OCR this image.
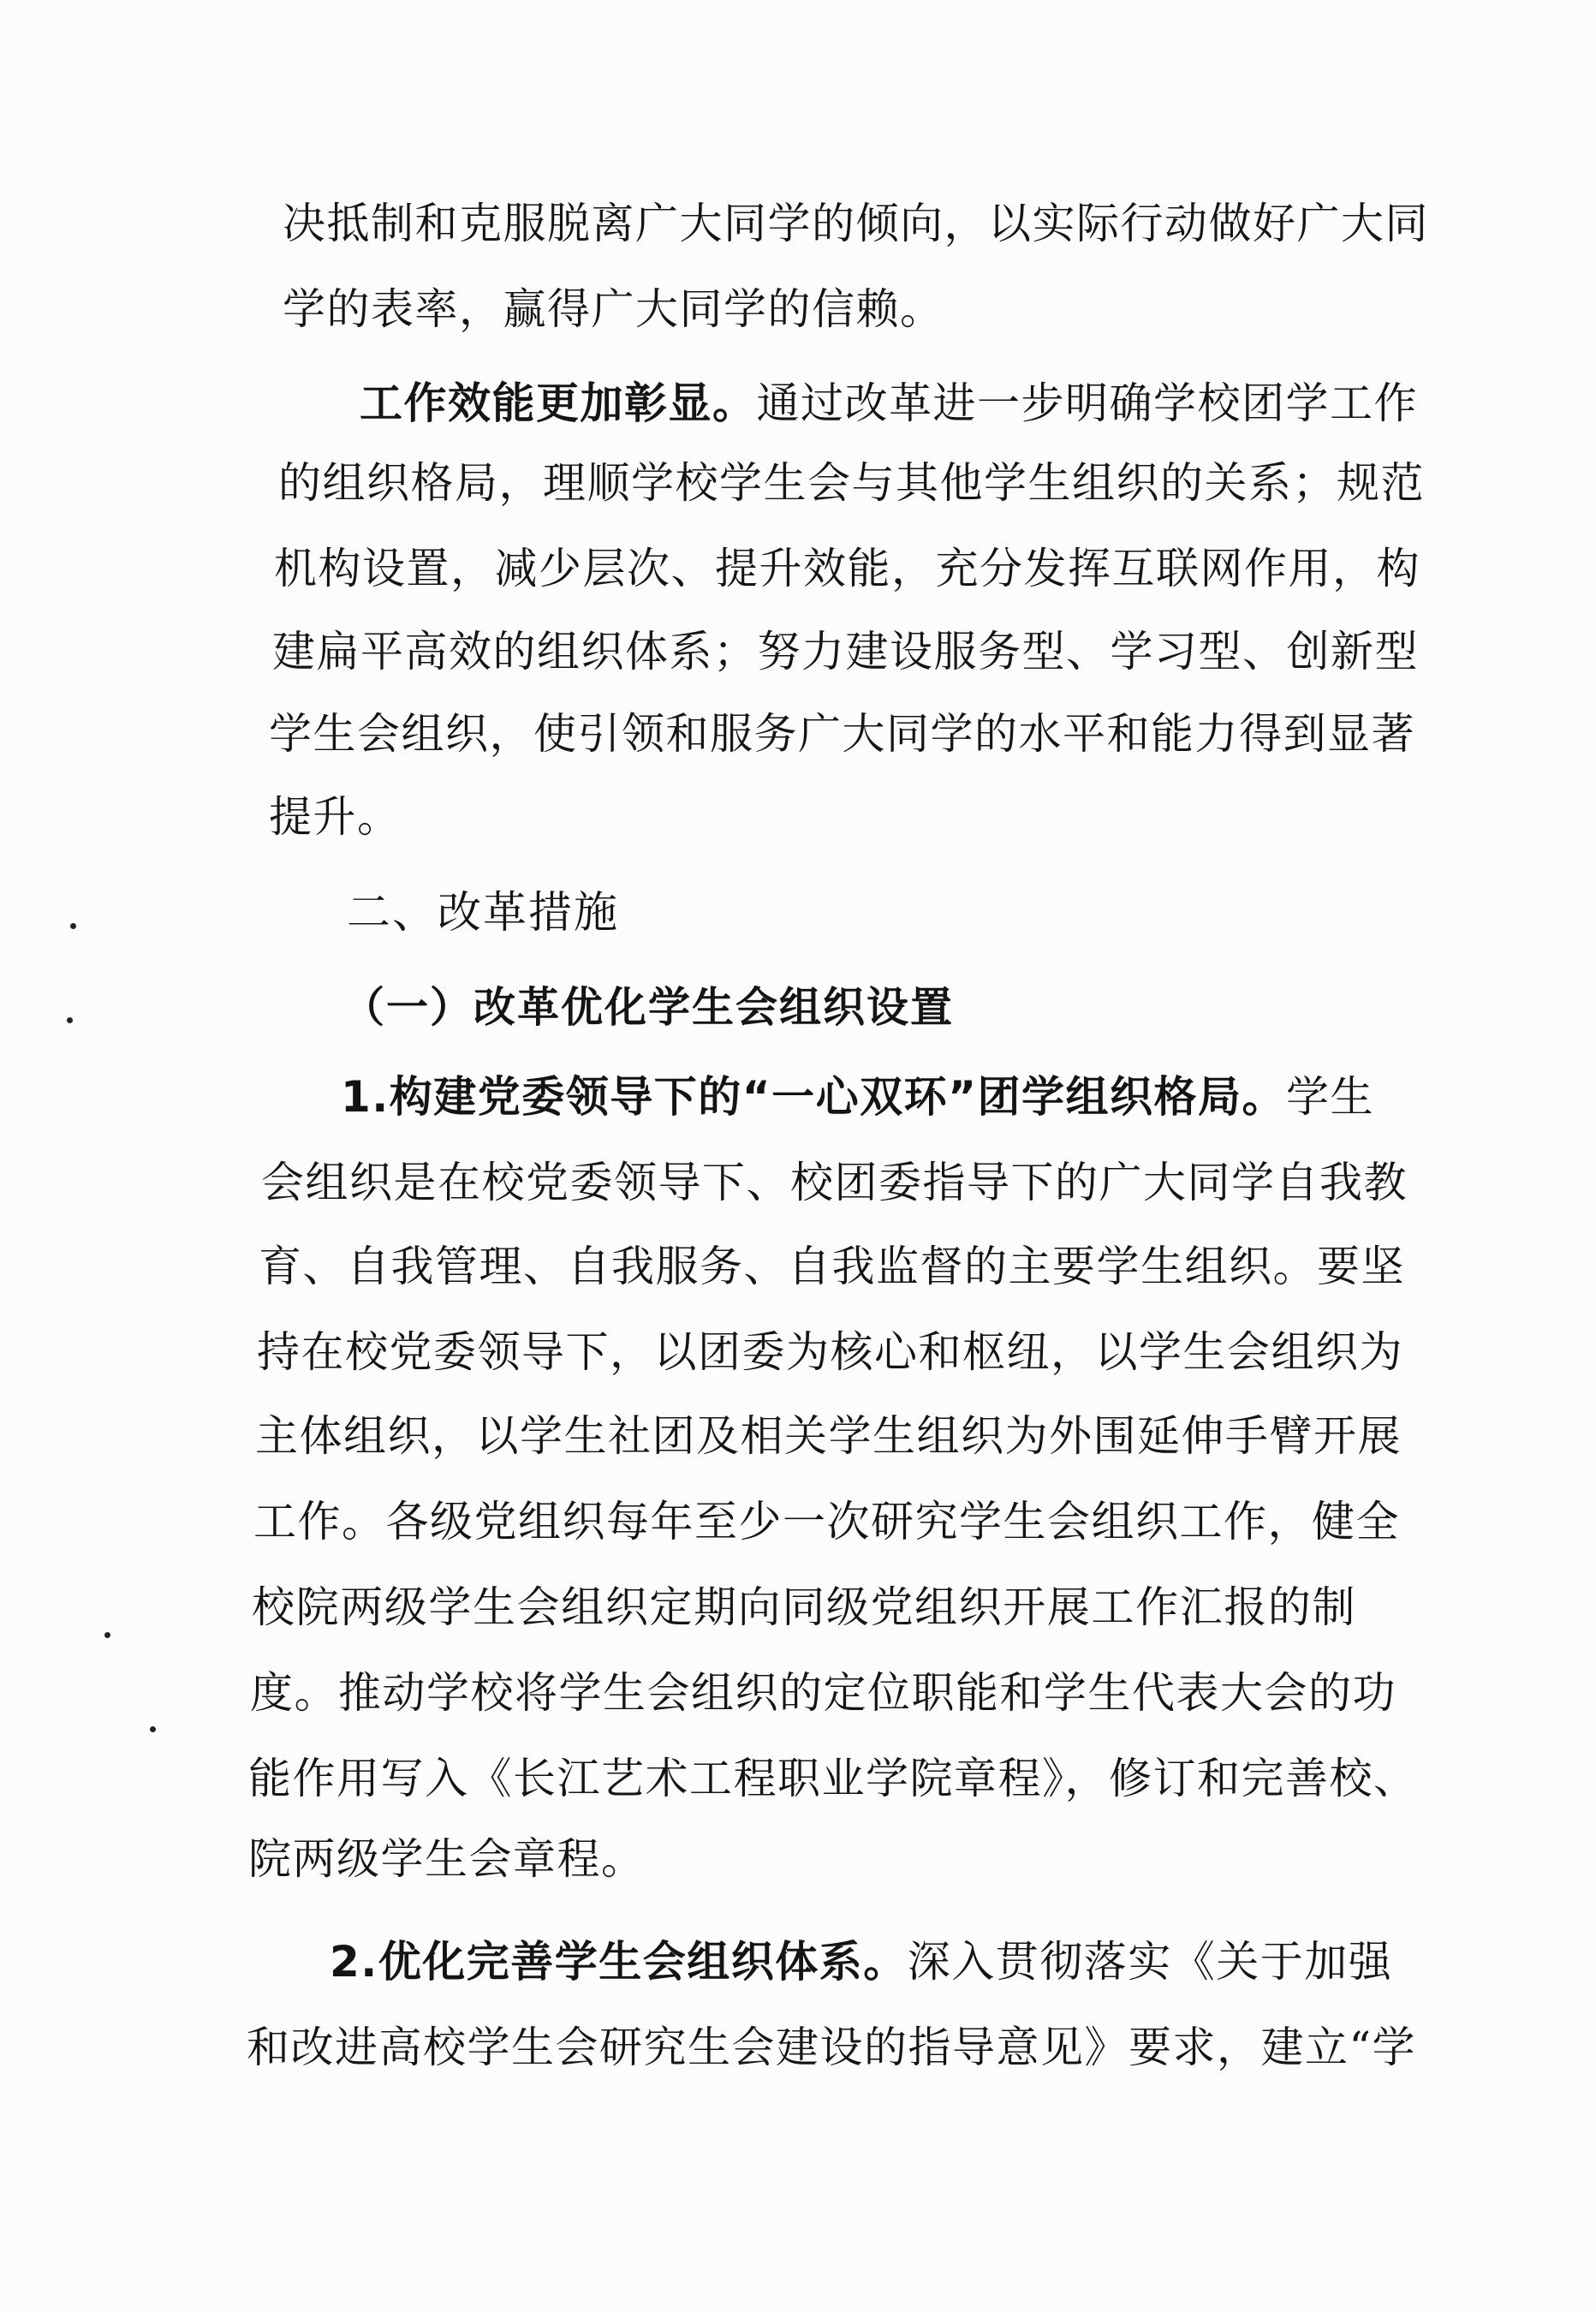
决抵制和克服脱离广大同学的倾向，以实际行动做好广大同
学的表率，赢得广大同学的信赖。
工作效能更加彰显。通过改革进一步明确学校团学工作
的组织格局，理顺学校学生会与其他学生组织的关系；规范
机构设置，减少层次、提升效能，充分发挥互联网作用，构
建扁平高效的组织体系；努力建设服务型、学习型、创新型
学生会组织，使引领和服务广大同学的水平和能力得到显著
提升。
二、改革措施
（一）改革优化学生会组织设置
1.构建党委领导下的“一心双环”团学组织格局。学生
会组织是在校党委领导下、校团委指导下的广大同学自我教
育、自我管理、自我服务、自我监督的主要学生组织。要坚
持在校党委领导下，以团委为核心和枢纽，以学生会组织为
主体组织，以学生社团及相关学生组织为外围延伸手臂开展
工作。各级党组织每年至少一次研究学生会组织工作，健全
校院两级学生会组织定期向同级党组织开展工作汇报的制
度。推动学校将学生会组织的定位职能和学生代表大会的功
能作用写入《长江艺术工程职业学院章程》，修订和完善校、
院两级学生会章程。
2.优化完善学生会组织体系。深入贯彻落实《关于加强
和改进高校学生会研究生会建设的指导意见》要求，建立“学
